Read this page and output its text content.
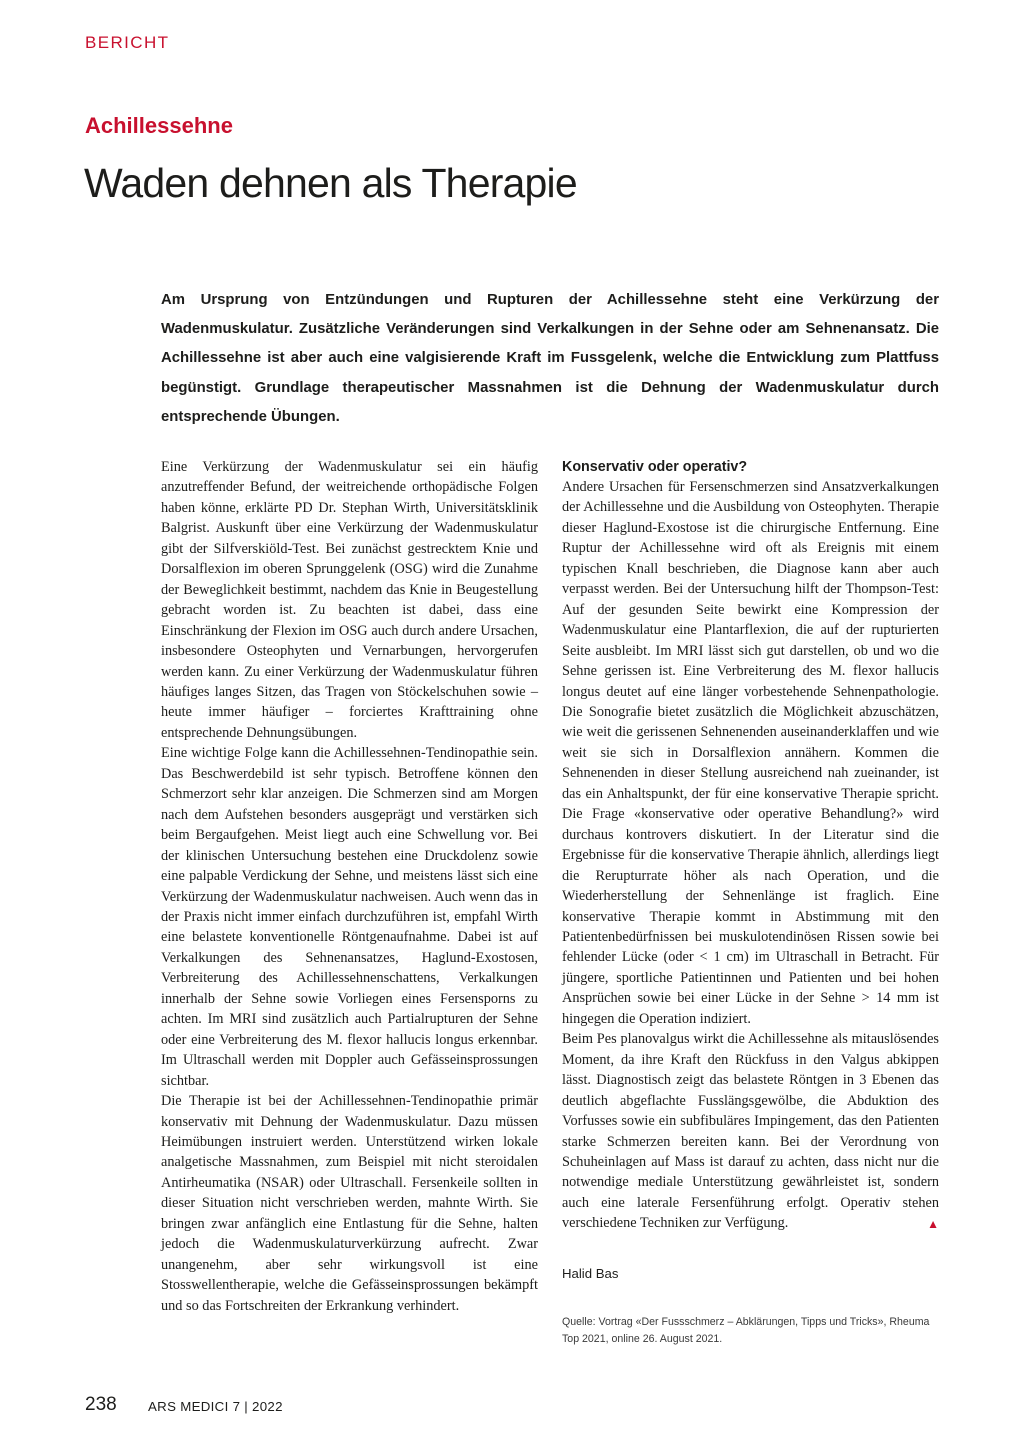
BERICHT
Achillessehne
Waden dehnen als Therapie

Am Ursprung von Entzündungen und Rupturen der Achillessehne steht eine Verkürzung der Wadenmuskulatur. Zusätzliche Veränderungen sind Verkalkungen in der Sehne oder am Sehnenansatz. Die Achillessehne ist aber auch eine valgisierende Kraft im Fussgelenk, welche die Entwicklung zum Plattfuss begünstigt. Grundlage therapeutischer Massnahmen ist die Dehnung der Wadenmuskulatur durch entsprechende Übungen.

Eine Verkürzung der Wadenmuskulatur sei ein häufig anzutreffender Befund, der weitreichende orthopädische Folgen haben könne, erklärte PD Dr. Stephan Wirth, Universitätsklinik Balgrist. Auskunft über eine Verkürzung der Wadenmuskulatur gibt der Silfverskiöld-Test. Bei zunächst gestrecktem Knie und Dorsalflexion im oberen Sprunggelenk (OSG) wird die Zunahme der Beweglichkeit bestimmt, nachdem das Knie in Beugestellung gebracht worden ist. Zu beachten ist dabei, dass eine Einschränkung der Flexion im OSG auch durch andere Ursachen, insbesondere Osteophyten und Vernarbungen, hervorgerufen werden kann. Zu einer Verkürzung der Wadenmuskulatur führen häufiges langes Sitzen, das Tragen von Stöckelschuhen sowie – heute immer häufiger – forciertes Krafttraining ohne entsprechende Dehnungsübungen.

Eine wichtige Folge kann die Achillessehnen-Tendinopathie sein. Das Beschwerdebild ist sehr typisch. Betroffene können den Schmerzort sehr klar anzeigen. Die Schmerzen sind am Morgen nach dem Aufstehen besonders ausgeprägt und verstärken sich beim Bergaufgehen. Meist liegt auch eine Schwellung vor. Bei der klinischen Untersuchung bestehen eine Druckdolenz sowie eine palpable Verdickung der Sehne, und meistens lässt sich eine Verkürzung der Wadenmuskulatur nachweisen. Auch wenn das in der Praxis nicht immer einfach durchzuführen ist, empfahl Wirth eine belastete konventionelle Röntgenaufnahme. Dabei ist auf Verkalkungen des Sehnenansatzes, Haglund-Exostosen, Verbreiterung des Achillessehnenschattens, Verkalkungen innerhalb der Sehne sowie Vorliegen eines Fersensporns zu achten. Im MRI sind zusätzlich auch Partialrupturen der Sehne oder eine Verbreiterung des M. flexor hallucis longus erkennbar. Im Ultraschall werden mit Doppler auch Gefässeinsprossungen sichtbar.

Die Therapie ist bei der Achillessehnen-Tendinopathie primär konservativ mit Dehnung der Wadenmuskulatur. Dazu müssen Heimübungen instruiert werden. Unterstützend wirken lokale analgetische Massnahmen, zum Beispiel mit nicht steroidalen Antirheumatika (NSAR) oder Ultraschall. Fersenkeile sollten in dieser Situation nicht verschrieben werden, mahnte Wirth. Sie bringen zwar anfänglich eine Entlastung für die Sehne, halten jedoch die Wadenmuskulaturverkürzung aufrecht. Zwar unangenehm, aber sehr wirkungsvoll ist eine Stosswellentherapie, welche die Gefässeinsprossungen bekämpft und so das Fortschreiten der Erkrankung verhindert.

Konservativ oder operativ?

Andere Ursachen für Fersenschmerzen sind Ansatzverkalkungen der Achillessehne und die Ausbildung von Osteophyten. Therapie dieser Haglund-Exostose ist die chirurgische Entfernung. Eine Ruptur der Achillessehne wird oft als Ereignis mit einem typischen Knall beschrieben, die Diagnose kann aber auch verpasst werden. Bei der Untersuchung hilft der Thompson-Test: Auf der gesunden Seite bewirkt eine Kompression der Wadenmuskulatur eine Plantarflexion, die auf der rupturierten Seite ausbleibt. Im MRI lässt sich gut darstellen, ob und wo die Sehne gerissen ist. Eine Verbreiterung des M. flexor hallucis longus deutet auf eine länger vorbestehende Sehnenpathologie. Die Sonografie bietet zusätzlich die Möglichkeit abzuschätzen, wie weit die gerissenen Sehnenenden auseinanderklaffen und wie weit sie sich in Dorsalflexion annähern. Kommen die Sehnenenden in dieser Stellung ausreichend nah zueinander, ist das ein Anhaltspunkt, der für eine konservative Therapie spricht. Die Frage «konservative oder operative Behandlung?» wird durchaus kontrovers diskutiert. In der Literatur sind die Ergebnisse für die konservative Therapie ähnlich, allerdings liegt die Rerupturrate höher als nach Operation, und die Wiederherstellung der Sehnenlänge ist fraglich. Eine konservative Therapie kommt in Abstimmung mit den Patientenbedürfnissen bei muskulotendinösen Rissen sowie bei fehlender Lücke (oder < 1 cm) im Ultraschall in Betracht. Für jüngere, sportliche Patientinnen und Patienten und bei hohen Ansprüchen sowie bei einer Lücke in der Sehne > 14 mm ist hingegen die Operation indiziert.

Beim Pes planovalgus wirkt die Achillessehne als mitauslösendes Moment, da ihre Kraft den Rückfuss in den Valgus abkippen lässt. Diagnostisch zeigt das belastete Röntgen in 3 Ebenen das deutlich abgeflachte Fusslängsgewölbe, die Abduktion des Vorfusses sowie ein subfibuläres Impingement, das den Patienten starke Schmerzen bereiten kann. Bei der Verordnung von Schuheinlagen auf Mass ist darauf zu achten, dass nicht nur die notwendige mediale Unterstützung gewährleistet ist, sondern auch eine laterale Fersenführung erfolgt. Operativ stehen verschiedene Techniken zur Verfügung.	▲

Halid Bas

Quelle: Vortrag «Der Fussschmerz – Abklärungen, Tipps und Tricks», Rheuma Top 2021, online 26. August 2021.

238 ARS MEDICI 7 | 2022
